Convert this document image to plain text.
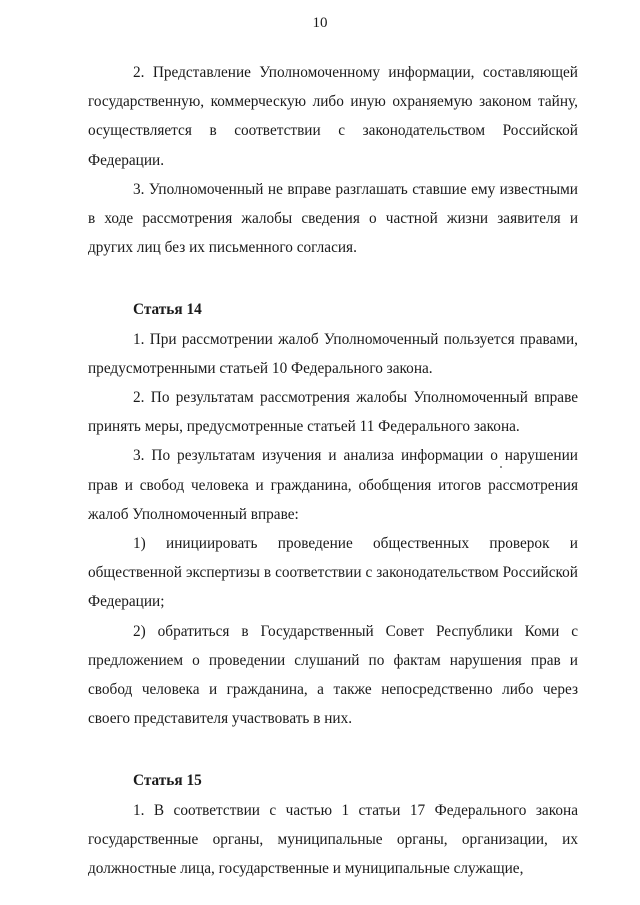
10

2. Представление Уполномоченному информации, составляющей государственную, коммерческую либо иную охраняемую законом тайну, осуществляется в соответствии с законодательством Российской Федерации.

3. Уполномоченный не вправе разглашать ставшие ему известными в ходе рассмотрения жалобы сведения о частной жизни заявителя и других лиц без их письменного согласия.

Статья 14

1. При рассмотрении жалоб Уполномоченный пользуется правами, предусмотренными статьей 10 Федерального закона.

2. По результатам рассмотрения жалобы Уполномоченный вправе принять меры, предусмотренные статьей 11 Федерального закона.

3. По результатам изучения и анализа информации о нарушении прав и свобод человека и гражданина, обобщения итогов рассмотрения жалоб Уполномоченный вправе:

1) инициировать проведение общественных проверок и общественной экспертизы в соответствии с законодательством Российской Федерации;

2) обратиться в Государственный Совет Республики Коми с предложением о проведении слушаний по фактам нарушения прав и свобод человека и гражданина, а также непосредственно либо через своего представителя участвовать в них.

Статья 15

1. В соответствии с частью 1 статьи 17 Федерального закона государственные органы, муниципальные органы, организации, их должностные лица, государственные и муниципальные служащие,
